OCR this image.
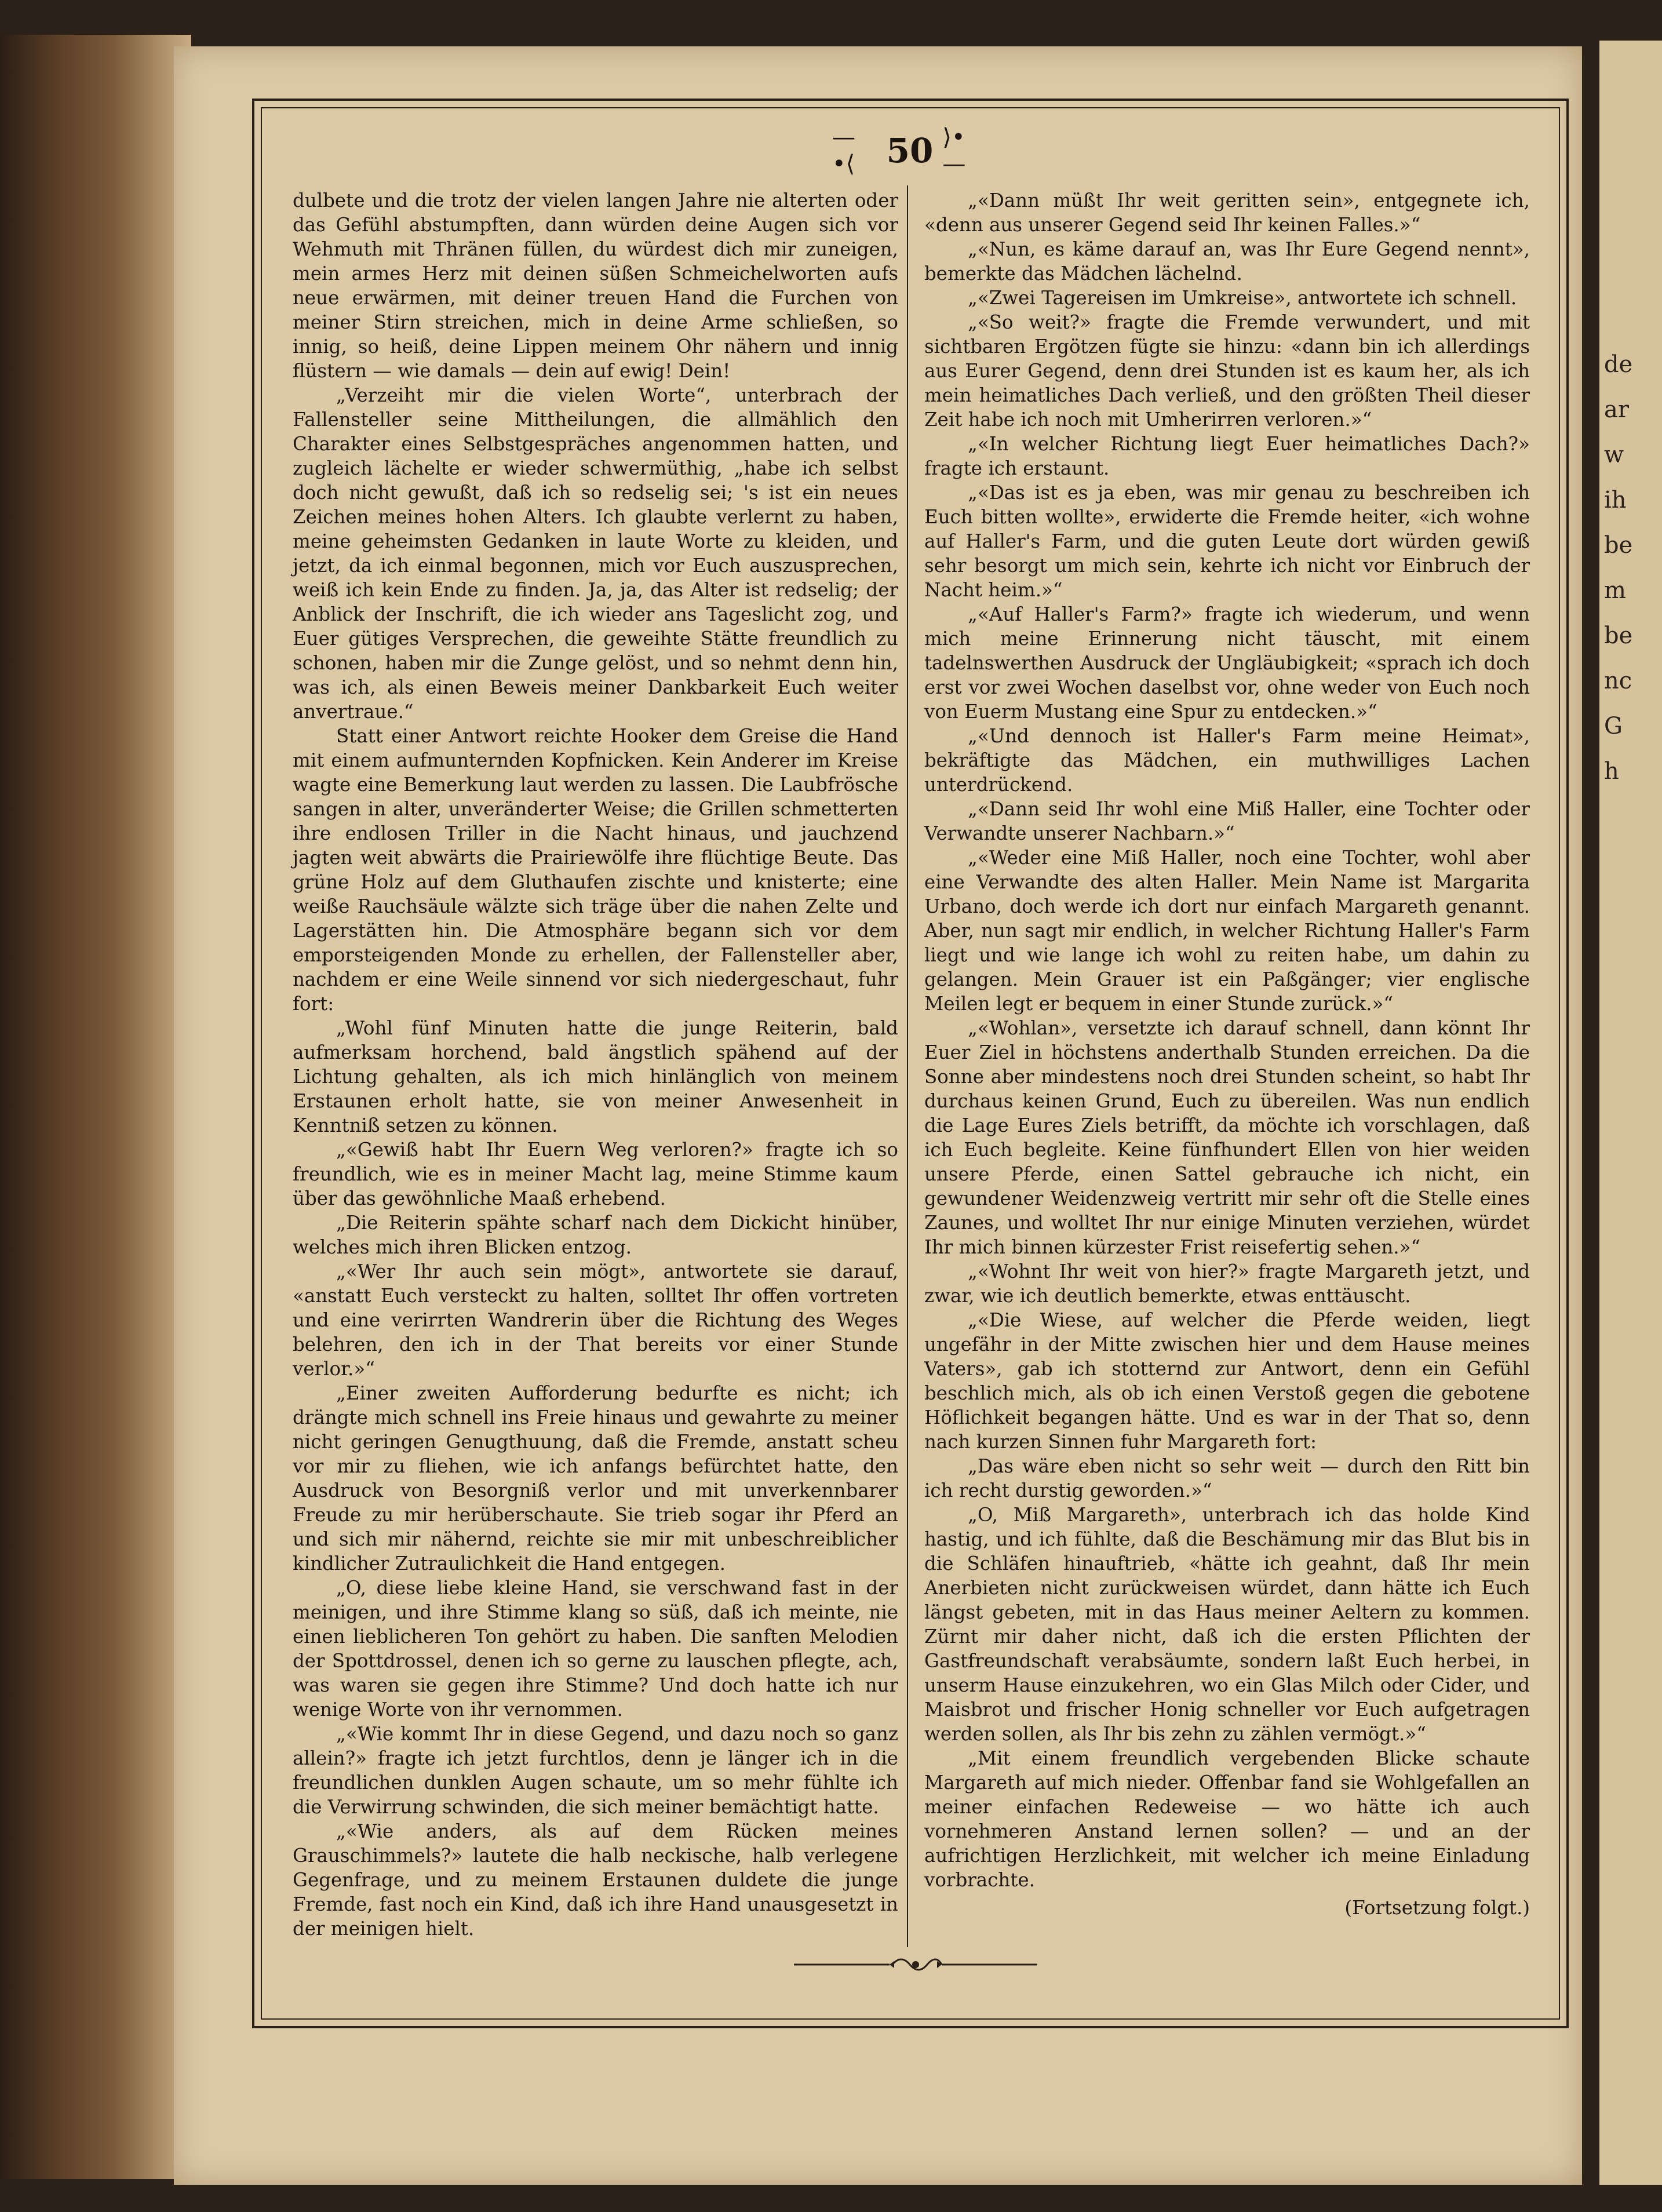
de
ar
w
ih
be
m
be
nc
G
h
—•⟨ 50 ⟩•—

dulbete und die trotz der vielen langen Jahre nie alterten oder das Gefühl abstumpften, dann würden deine Augen sich vor Wehmuth mit Thränen füllen, du würdest dich mir zuneigen, mein armes Herz mit deinen süßen Schmeichelworten aufs neue erwärmen, mit deiner treuen Hand die Furchen von meiner Stirn streichen, mich in deine Arme schließen, so innig, so heiß, deine Lippen meinem Ohr nähern und innig flüstern — wie damals — dein auf ewig! Dein!

„Verzeiht mir die vielen Worte“, unterbrach der Fallensteller seine Mittheilungen, die allmählich den Charakter eines Selbstgespräches angenommen hatten, und zugleich lächelte er wieder schwermüthig, „habe ich selbst doch nicht gewußt, daß ich so redselig sei; 's ist ein neues Zeichen meines hohen Alters. Ich glaubte verlernt zu haben, meine geheimsten Gedanken in laute Worte zu kleiden, und jetzt, da ich einmal begonnen, mich vor Euch auszusprechen, weiß ich kein Ende zu finden. Ja, ja, das Alter ist redselig; der Anblick der Inschrift, die ich wieder ans Tageslicht zog, und Euer gütiges Versprechen, die geweihte Stätte freundlich zu schonen, haben mir die Zunge gelöst, und so nehmt denn hin, was ich, als einen Beweis meiner Dankbarkeit Euch weiter anvertraue.“

Statt einer Antwort reichte Hooker dem Greise die Hand mit einem aufmunternden Kopfnicken. Kein Anderer im Kreise wagte eine Bemerkung laut werden zu lassen. Die Laubfrösche sangen in alter, unveränderter Weise; die Grillen schmetterten ihre endlosen Triller in die Nacht hinaus, und jauchzend jagten weit abwärts die Prairiewölfe ihre flüchtige Beute. Das grüne Holz auf dem Gluthaufen zischte und knisterte; eine weiße Rauchsäule wälzte sich träge über die nahen Zelte und Lagerstätten hin. Die Atmosphäre begann sich vor dem emporsteigenden Monde zu erhellen, der Fallensteller aber, nachdem er eine Weile sinnend vor sich niedergeschaut, fuhr fort:

„Wohl fünf Minuten hatte die junge Reiterin, bald aufmerksam horchend, bald ängstlich spähend auf der Lichtung gehalten, als ich mich hinlänglich von meinem Erstaunen erholt hatte, sie von meiner Anwesenheit in Kenntniß setzen zu können.

„«Gewiß habt Ihr Euern Weg verloren?» fragte ich so freundlich, wie es in meiner Macht lag, meine Stimme kaum über das gewöhnliche Maaß erhebend.

„Die Reiterin spähte scharf nach dem Dickicht hinüber, welches mich ihren Blicken entzog.

„«Wer Ihr auch sein mögt», antwortete sie darauf, «anstatt Euch versteckt zu halten, solltet Ihr offen vortreten und eine verirrten Wandrerin über die Richtung des Weges belehren, den ich in der That bereits vor einer Stunde verlor.»“

„Einer zweiten Aufforderung bedurfte es nicht; ich drängte mich schnell ins Freie hinaus und gewahrte zu meiner nicht geringen Genugthuung, daß die Fremde, anstatt scheu vor mir zu fliehen, wie ich anfangs befürchtet hatte, den Ausdruck von Besorgniß verlor und mit unverkennbarer Freude zu mir herüberschaute. Sie trieb sogar ihr Pferd an und sich mir nähernd, reichte sie mir mit unbeschreiblicher kindlicher Zutraulichkeit die Hand entgegen.

„O, diese liebe kleine Hand, sie verschwand fast in der meinigen, und ihre Stimme klang so süß, daß ich meinte, nie einen lieblicheren Ton gehört zu haben. Die sanften Melodien der Spottdrossel, denen ich so gerne zu lauschen pflegte, ach, was waren sie gegen ihre Stimme? Und doch hatte ich nur wenige Worte von ihr vernommen.

„«Wie kommt Ihr in diese Gegend, und dazu noch so ganz allein?» fragte ich jetzt furchtlos, denn je länger ich in die freundlichen dunklen Augen schaute, um so mehr fühlte ich die Verwirrung schwinden, die sich meiner bemächtigt hatte.

„«Wie anders, als auf dem Rücken meines Grauschimmels?» lautete die halb neckische, halb verlegene Gegenfrage, und zu meinem Erstaunen duldete die junge Fremde, fast noch ein Kind, daß ich ihre Hand unausgesetzt in der meinigen hielt.

„«Dann müßt Ihr weit geritten sein», entgegnete ich, «denn aus unserer Gegend seid Ihr keinen Falles.»“

„«Nun, es käme darauf an, was Ihr Eure Gegend nennt», bemerkte das Mädchen lächelnd.

„«Zwei Tagereisen im Umkreise», antwortete ich schnell.

„«So weit?» fragte die Fremde verwundert, und mit sichtbaren Ergötzen fügte sie hinzu: «dann bin ich allerdings aus Eurer Gegend, denn drei Stunden ist es kaum her, als ich mein heimatliches Dach verließ, und den größten Theil dieser Zeit habe ich noch mit Umherirren verloren.»“

„«In welcher Richtung liegt Euer heimatliches Dach?» fragte ich erstaunt.

„«Das ist es ja eben, was mir genau zu beschreiben ich Euch bitten wollte», erwiderte die Fremde heiter, «ich wohne auf Haller's Farm, und die guten Leute dort würden gewiß sehr besorgt um mich sein, kehrte ich nicht vor Einbruch der Nacht heim.»“

„«Auf Haller's Farm?» fragte ich wiederum, und wenn mich meine Erinnerung nicht täuscht, mit einem tadelnswerthen Ausdruck der Ungläubigkeit; «sprach ich doch erst vor zwei Wochen daselbst vor, ohne weder von Euch noch von Euerm Mustang eine Spur zu entdecken.»“

„«Und dennoch ist Haller's Farm meine Heimat», bekräftigte das Mädchen, ein muthwilliges Lachen unterdrückend.

„«Dann seid Ihr wohl eine Miß Haller, eine Tochter oder Verwandte unserer Nachbarn.»“

„«Weder eine Miß Haller, noch eine Tochter, wohl aber eine Verwandte des alten Haller. Mein Name ist Margarita Urbano, doch werde ich dort nur einfach Margareth genannt. Aber, nun sagt mir endlich, in welcher Richtung Haller's Farm liegt und wie lange ich wohl zu reiten habe, um dahin zu gelangen. Mein Grauer ist ein Paßgänger; vier englische Meilen legt er bequem in einer Stunde zurück.»“

„«Wohlan», versetzte ich darauf schnell, dann könnt Ihr Euer Ziel in höchstens anderthalb Stunden erreichen. Da die Sonne aber mindestens noch drei Stunden scheint, so habt Ihr durchaus keinen Grund, Euch zu übereilen. Was nun endlich die Lage Eures Ziels betrifft, da möchte ich vorschlagen, daß ich Euch begleite. Keine fünfhundert Ellen von hier weiden unsere Pferde, einen Sattel gebrauche ich nicht, ein gewundener Weidenzweig vertritt mir sehr oft die Stelle eines Zaunes, und wolltet Ihr nur einige Minuten verziehen, würdet Ihr mich binnen kürzester Frist reisefertig sehen.»“

„«Wohnt Ihr weit von hier?» fragte Margareth jetzt, und zwar, wie ich deutlich bemerkte, etwas enttäuscht.

„«Die Wiese, auf welcher die Pferde weiden, liegt ungefähr in der Mitte zwischen hier und dem Hause meines Vaters», gab ich stotternd zur Antwort, denn ein Gefühl beschlich mich, als ob ich einen Verstoß gegen die gebotene Höflichkeit begangen hätte. Und es war in der That so, denn nach kurzen Sinnen fuhr Margareth fort:

„Das wäre eben nicht so sehr weit — durch den Ritt bin ich recht durstig geworden.»“

„O, Miß Margareth», unterbrach ich das holde Kind hastig, und ich fühlte, daß die Beschämung mir das Blut bis in die Schläfen hinauftrieb, «hätte ich geahnt, daß Ihr mein Anerbieten nicht zurückweisen würdet, dann hätte ich Euch längst gebeten, mit in das Haus meiner Aeltern zu kommen. Zürnt mir daher nicht, daß ich die ersten Pflichten der Gastfreundschaft verabsäumte, sondern laßt Euch herbei, in unserm Hause einzukehren, wo ein Glas Milch oder Cider, und Maisbrot und frischer Honig schneller vor Euch aufgetragen werden sollen, als Ihr bis zehn zu zählen vermögt.»“

„Mit einem freundlich vergebenden Blicke schaute Margareth auf mich nieder. Offenbar fand sie Wohlgefallen an meiner einfachen Redeweise — wo hätte ich auch vornehmeren Anstand lernen sollen? — und an der aufrichtigen Herzlichkeit, mit welcher ich meine Einladung vorbrachte.

(Fortsetzung folgt.)
